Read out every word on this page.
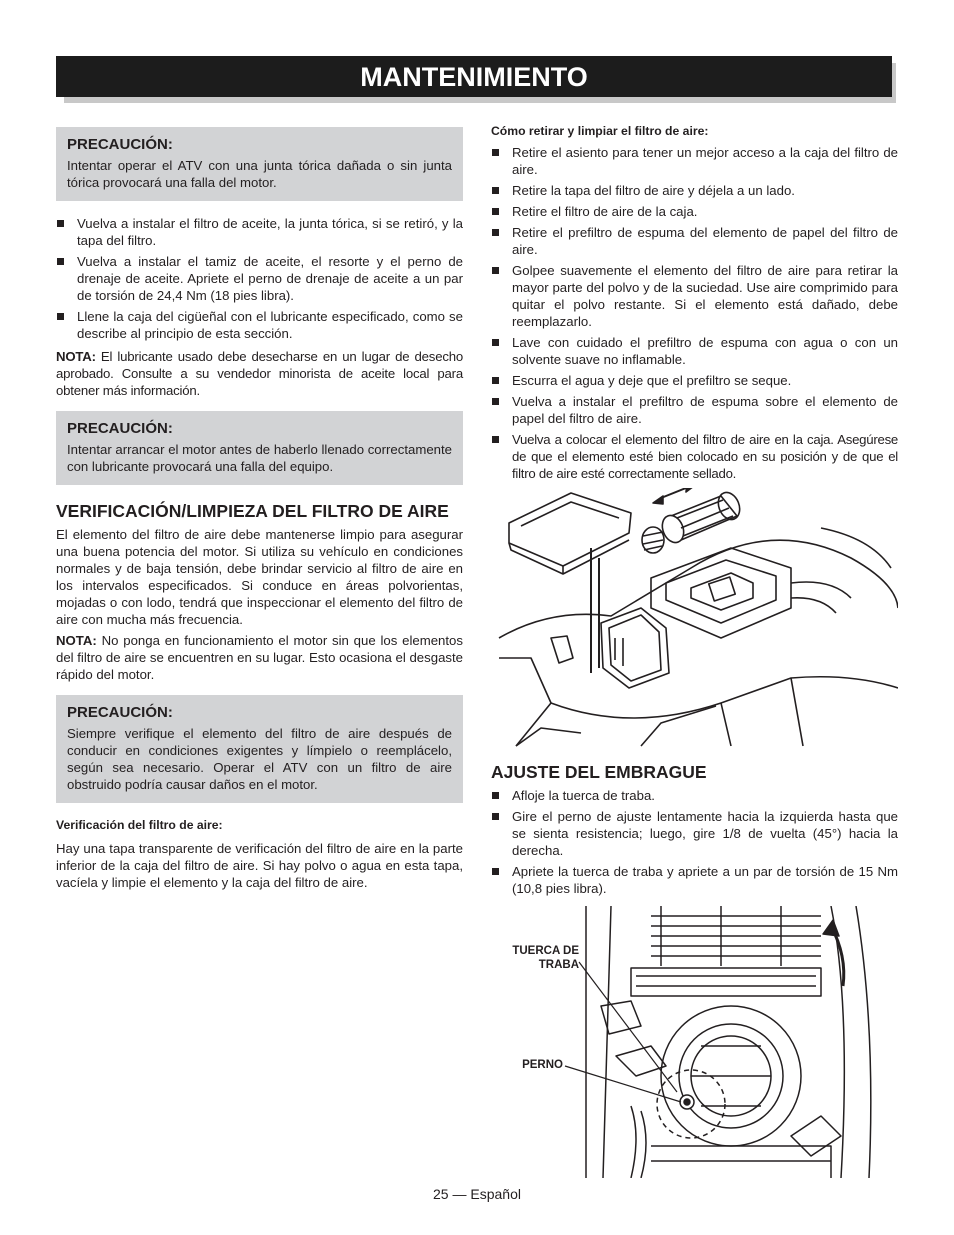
MANTENIMIENTO
PRECAUCIÓN:

Intentar operar el ATV con una junta tórica dañada o sin junta tórica provocará una falla del motor.

Vuelva a instalar el filtro de aceite, la junta tórica, si se retiró, y la tapa del filtro.
Vuelva a instalar el tamiz de aceite, el resorte y el perno de drenaje de aceite. Apriete el perno de drenaje de aceite a un par de torsión de 24,4 Nm (18 pies libra).
Llene la caja del cigüeñal con el lubricante especificado, como se describe al principio de esta sección.

NOTA: El lubricante usado debe desecharse en un lugar de desecho aprobado. Consulte a su vendedor minorista de aceite local para obtener más información.

PRECAUCIÓN:

Intentar arrancar el motor antes de haberlo llenado correctamente con lubricante provocará una falla del equipo.

VERIFICACIÓN/LIMPIEZA DEL FILTRO DE AIRE

El elemento del filtro de aire debe mantenerse limpio para asegurar una buena potencia del motor. Si utiliza su vehículo en condiciones normales y de baja tensión, debe brindar servicio al filtro de aire en los intervalos especificados. Si conduce en áreas polvorientas, mojadas o con lodo, tendrá que inspeccionar el elemento del filtro de aire con mucha más frecuencia.

NOTA: No ponga en funcionamiento el motor sin que los elementos del filtro de aire se encuentren en su lugar. Esto ocasiona el desgaste rápido del motor.

PRECAUCIÓN:

Siempre verifique el elemento del filtro de aire después de conducir en condiciones exigentes y límpielo o reemplácelo, según sea necesario. Operar el ATV con un filtro de aire obstruido podría causar daños en el motor.

Verificación del filtro de aire:

Hay una tapa transparente de verificación del filtro de aire en la parte inferior de la caja del filtro de aire. Si hay polvo o agua en esta tapa, vacíela y limpie el elemento y la caja del filtro de aire.

Cómo retirar y limpiar el filtro de aire:
Retire el asiento para tener un mejor acceso a la caja del filtro de aire.
Retire la tapa del filtro de aire y déjela a un lado.
Retire el filtro de aire de la caja.
Retire el prefiltro de espuma del elemento de papel del filtro de aire.
Golpee suavemente el elemento del filtro de aire para retirar la mayor parte del polvo y de la suciedad. Use aire comprimido para quitar el polvo restante. Si el elemento está dañado, debe reemplazarlo.
Lave con cuidado el prefiltro de espuma con agua o con un solvente suave no inflamable.
Escurra el agua y deje que el prefiltro se seque.
Vuelva a instalar el prefiltro de espuma sobre el elemento de papel del filtro de aire.
Vuelva a colocar el elemento del filtro de aire en la caja. Asegúrese de que el elemento esté bien colocado en su posición y de que el filtro de aire esté correctamente sellado.
AJUSTE DEL EMBRAGUE
Afloje la tuerca de traba.
Gire el perno de ajuste lentamente hacia la izquierda hasta que se sienta resistencia; luego, gire 1/8 de vuelta (45°) hacia la derecha.
Apriete la tuerca de traba y apriete a un par de torsión de 15 Nm (10,8 pies libra).
TUERCA DE TRABA
PERNO
25 — Español
